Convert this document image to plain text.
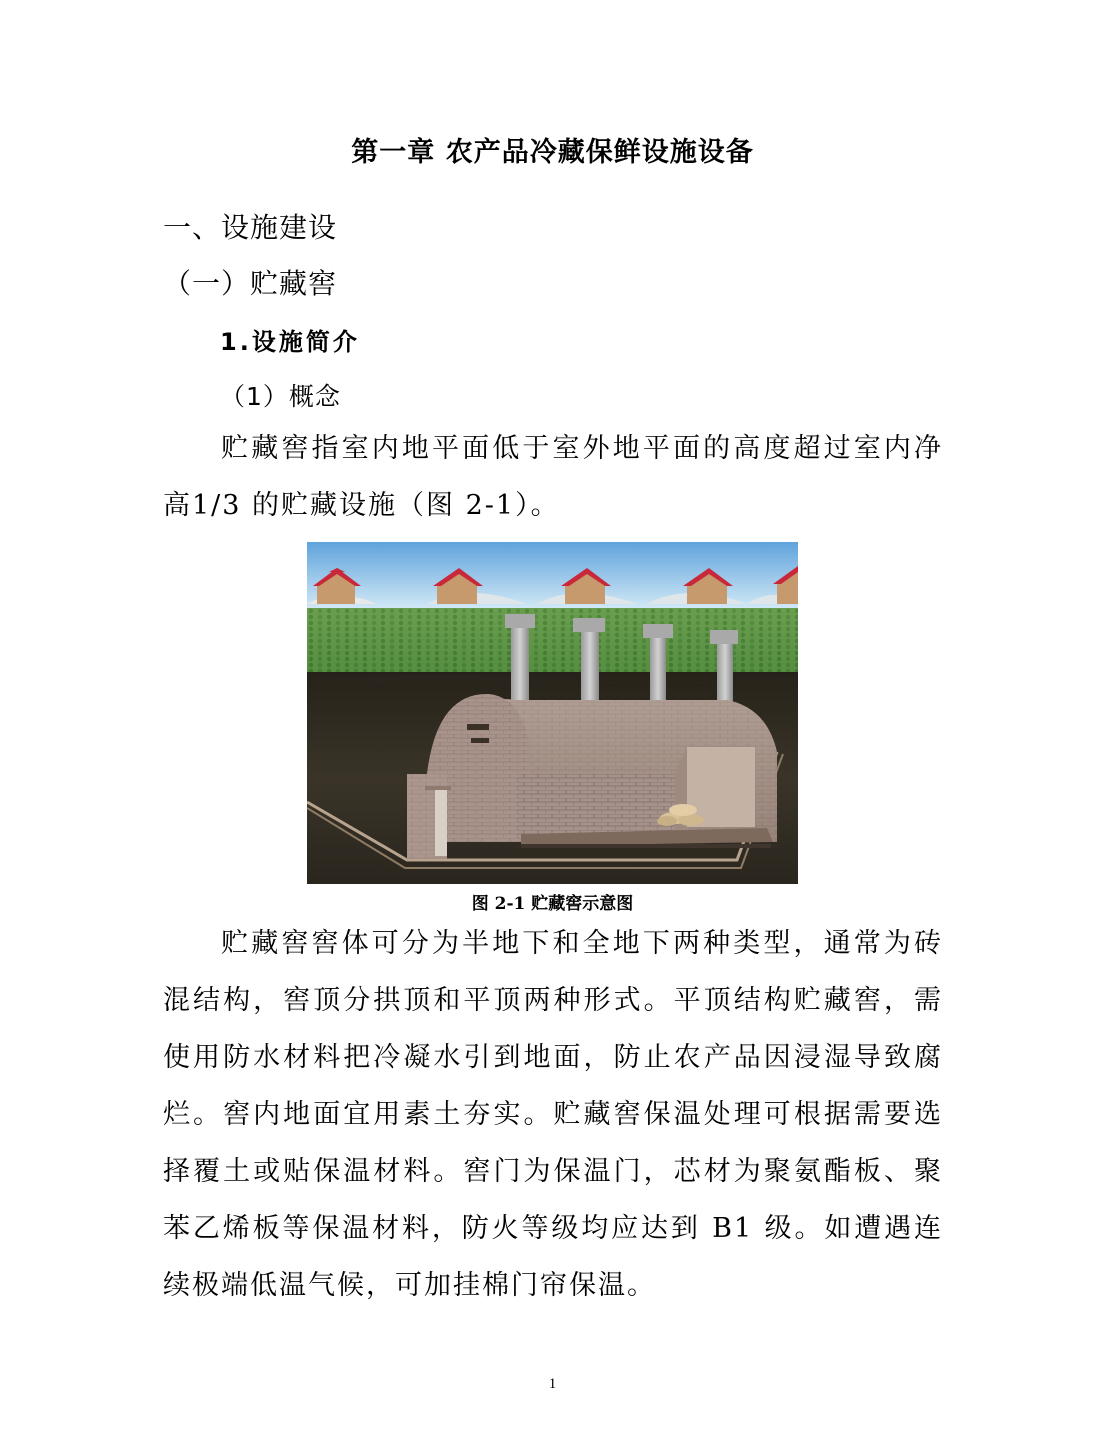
第一章 农产品冷藏保鲜设施设备
一、设施建设
（一）贮藏窖
1.设施简介
（1）概念

贮藏窖指室内地平面低于室外地平面的高度超过室内净高1/3 的贮藏设施（图 2-1）。

图 2-1 贮藏窖示意图

贮藏窖窖体可分为半地下和全地下两种类型，通常为砖混结构，窖顶分拱顶和平顶两种形式。平顶结构贮藏窖，需使用防水材料把冷凝水引到地面，防止农产品因浸湿导致腐烂。窖内地面宜用素土夯实。贮藏窖保温处理可根据需要选择覆土或贴保温材料。窖门为保温门，芯材为聚氨酯板、聚苯乙烯板等保温材料，防火等级均应达到 B1 级。如遭遇连续极端低温气候，可加挂棉门帘保温。

1
